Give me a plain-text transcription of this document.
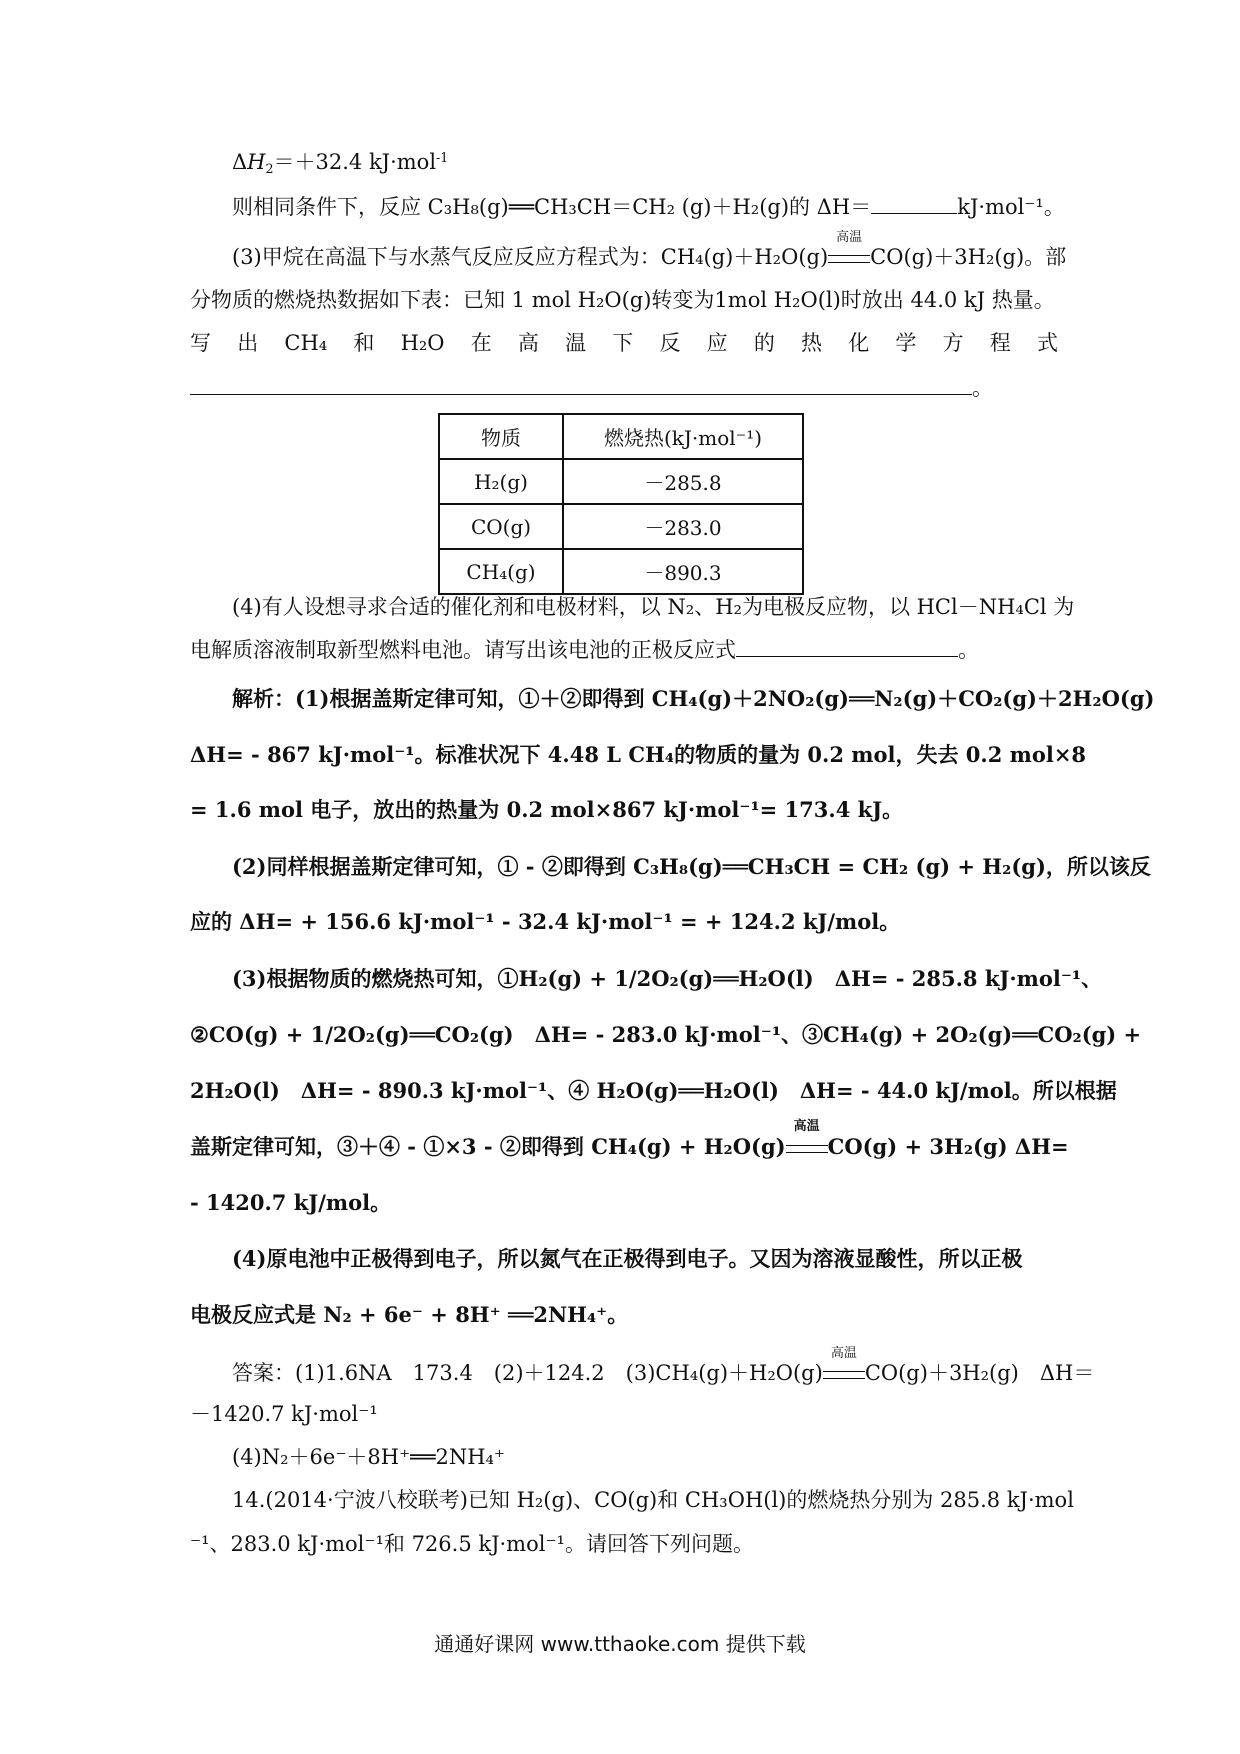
$\Delta H_2=+32.4$ kJ·mol$^{-1}$
则相同条件下，反应 C₃H₈(g)══CH₃CH＝CH₂ (g)＋H₂(g)的 ΔH＝	kJ·mol⁻¹。
(3)甲烷在高温下与水蒸气反应反应方程式为：CH₄(g)＋H₂O(g)
高温
CO(g)＋3H₂(g)。部
分物质的燃烧热数据如下表：已知 1 mol H₂O(g)转变为1mol H₂O(l)时放出 44.0 kJ 热量。
写 出 CH₄ 和 H₂O 在 高 温 下 反 应 的 热 化 学 方 程 式
。
物质	燃烧热(kJ·mol⁻¹)
H₂(g)	－285.8
CO(g)	－283.0
CH₄(g)	－890.3
(4)有人设想寻求合适的催化剂和电极材料，以 N₂、H₂为电极反应物，以 HCl－NH₄Cl 为
电解质溶液制取新型燃料电池。请写出该电池的正极反应式	。
解析：(1)根据盖斯定律可知，①＋②即得到 CH₄(g)＋2NO₂(g)══N₂(g)＋CO₂(g)＋2H₂O(g)
ΔH= - 867 kJ·mol⁻¹。标准状况下 4.48 L CH₄的物质的量为 0.2 mol，失去 0.2 mol×8
= 1.6 mol 电子，放出的热量为 0.2 mol×867 kJ·mol⁻¹= 173.4 kJ。
(2)同样根据盖斯定律可知，① - ②即得到 C₃H₈(g)══CH₃CH = CH₂ (g) + H₂(g)，所以该反
应的 ΔH= + 156.6 kJ·mol⁻¹ - 32.4 kJ·mol⁻¹ = + 124.2 kJ/mol。
(3)根据物质的燃烧热可知，①H₂(g) + 1/2O₂(g)══H₂O(l)　ΔH= - 285.8 kJ·mol⁻¹、
②CO(g) + 1/2O₂(g)══CO₂(g)　ΔH= - 283.0 kJ·mol⁻¹、③CH₄(g) + 2O₂(g)══CO₂(g) +
2H₂O(l)　ΔH= - 890.3 kJ·mol⁻¹、④ H₂O(g)══H₂O(l)　ΔH= - 44.0 kJ/mol。所以根据
盖斯定律可知，③＋④ - ①×3 - ②即得到 CH₄(g) + H₂O(g)
高温
CO(g) + 3H₂(g) ΔH=
- 1420.7 kJ/mol。
(4)原电池中正极得到电子，所以氮气在正极得到电子。又因为溶液显酸性，所以正极
电极反应式是 N₂ + 6e⁻ + 8H⁺ ══2NH₄⁺。
答案：(1)1.6NA　173.4　(2)＋124.2　(3)CH₄(g)＋H₂O(g)
高温
CO(g)＋3H₂(g)　ΔH＝
－1420.7 kJ·mol⁻¹
(4)N₂＋6e⁻＋8H⁺══2NH₄⁺
14.(2014·宁波八校联考)已知 H₂(g)、CO(g)和 CH₃OH(l)的燃烧热分别为 285.8 kJ·mol
⁻¹、283.0 kJ·mol⁻¹和 726.5 kJ·mol⁻¹。请回答下列问题。
通通好课网 www.tthaoke.com 提供下载
